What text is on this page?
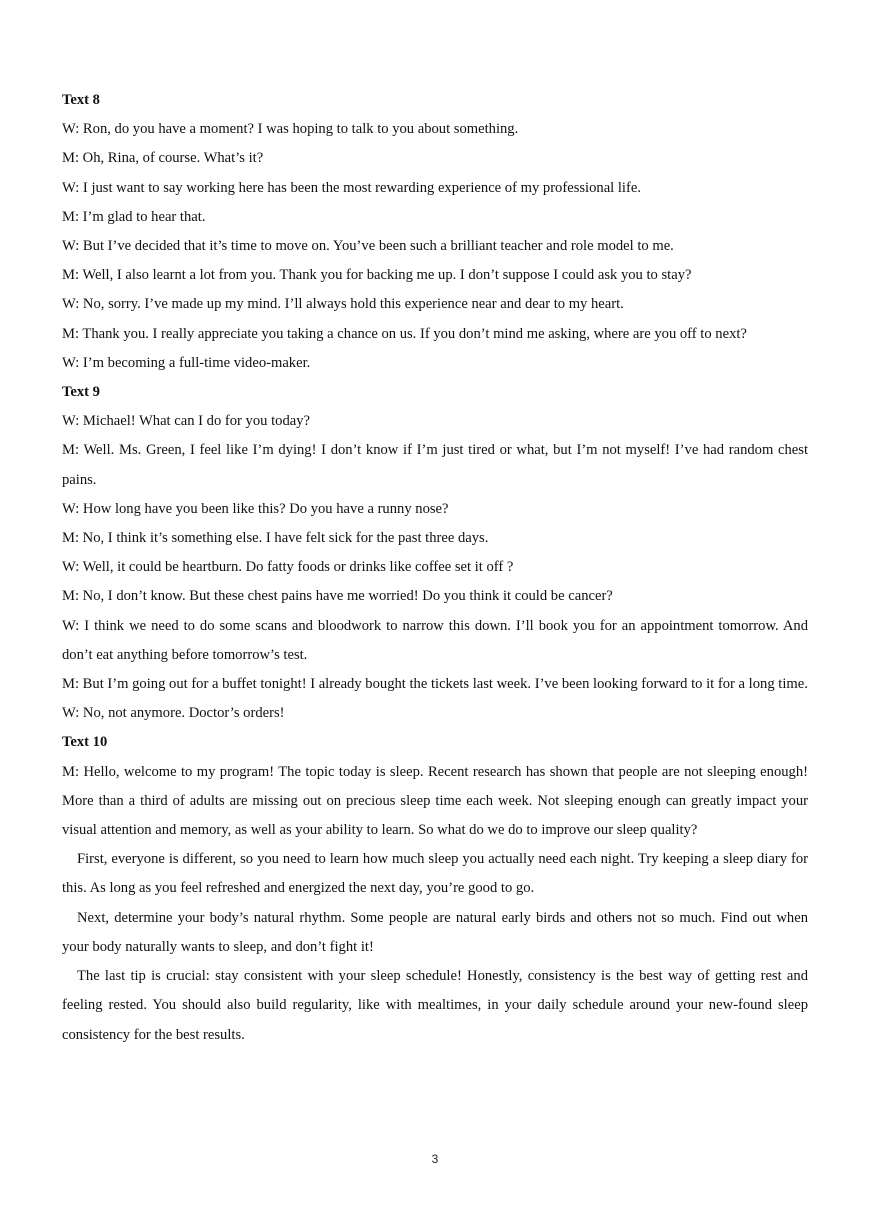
Text 8

W: Ron, do you have a moment? I was hoping to talk to you about something.

M: Oh, Rina, of course. What’s it?

W: I just want to say working here has been the most rewarding experience of my professional life.

M: I’m glad to hear that.

W: But I’ve decided that it’s time to move on. You’ve been such a brilliant teacher and role model to me.

M: Well, I also learnt a lot from you. Thank you for backing me up. I don’t suppose I could ask you to stay?

W: No, sorry. I’ve made up my mind. I’ll always hold this experience near and dear to my heart.

M: Thank you. I really appreciate you taking a chance on us. If you don’t mind me asking, where are you off to next?

W: I’m becoming a full-time video-maker.

Text 9

W: Michael! What can I do for you today?

M: Well. Ms. Green, I feel like I’m dying! I don’t know if I’m just tired or what, but I’m not myself! I’ve had random chest pains.

W: How long have you been like this? Do you have a runny nose?

M: No, I think it’s something else. I have felt sick for the past three days.

W: Well, it could be heartburn. Do fatty foods or drinks like coffee set it off ?

M: No, I don’t know. But these chest pains have me worried! Do you think it could be cancer?

W: I think we need to do some scans and bloodwork to narrow this down. I’ll book you for an appointment tomorrow. And don’t eat anything before tomorrow’s test.

M: But I’m going out for a buffet tonight! I already bought the tickets last week. I’ve been looking forward to it for a long time.

W: No, not anymore. Doctor’s orders!

Text 10

M: Hello, welcome to my program! The topic today is sleep. Recent research has shown that people are not sleeping enough! More than a third of adults are missing out on precious sleep time each week. Not sleeping enough can greatly impact your visual attention and memory, as well as your ability to learn. So what do we do to improve our sleep quality?

First, everyone is different, so you need to learn how much sleep you actually need each night. Try keeping a sleep diary for this. As long as you feel refreshed and energized the next day, you’re good to go.

Next, determine your body’s natural rhythm. Some people are natural early birds and others not so much. Find out when your body naturally wants to sleep, and don’t fight it!

The last tip is crucial: stay consistent with your sleep schedule! Honestly, consistency is the best way of getting rest and feeling rested. You should also build regularity, like with mealtimes, in your daily schedule around your new-found sleep consistency for the best results.

3
